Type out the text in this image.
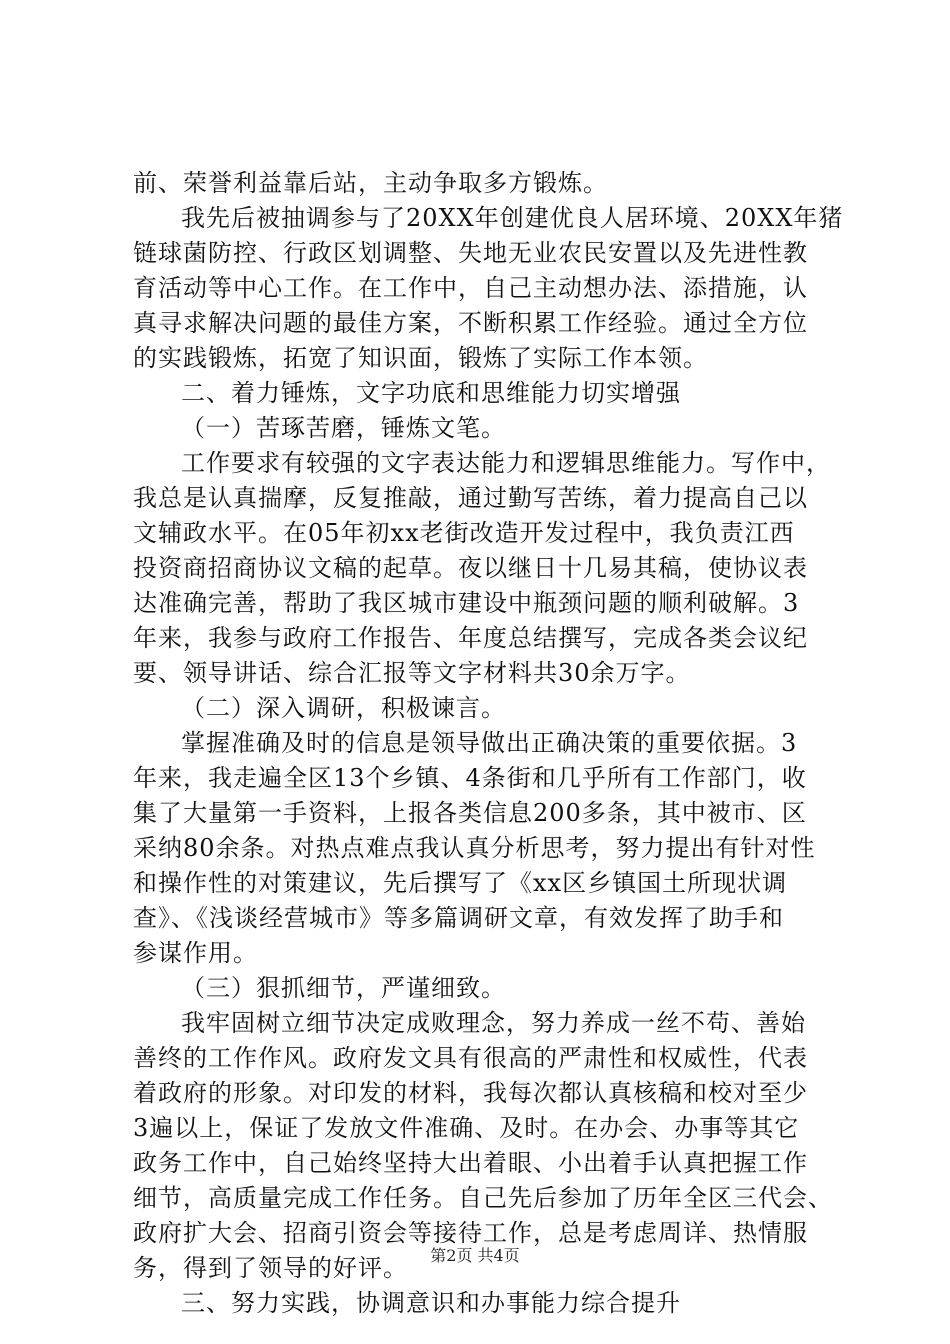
前、荣誉利益靠后站，主动争取多方锻炼。
我先后被抽调参与了20XX年创建优良人居环境、20XX年猪
链球菌防控、行政区划调整、失地无业农民安置以及先进性教
育活动等中心工作。在工作中，自己主动想办法、添措施，认
真寻求解决问题的最佳方案，不断积累工作经验。通过全方位
的实践锻炼，拓宽了知识面，锻炼了实际工作本领。
二、着力锤炼，文字功底和思维能力切实增强
（一）苦琢苦磨，锤炼文笔。
工作要求有较强的文字表达能力和逻辑思维能力。写作中，
我总是认真揣摩，反复推敲，通过勤写苦练，着力提高自己以
文辅政水平。在05年初xx老街改造开发过程中，我负责江西
投资商招商协议文稿的起草。夜以继日十几易其稿，使协议表
达准确完善，帮助了我区城市建设中瓶颈问题的顺利破解。3
年来，我参与政府工作报告、年度总结撰写，完成各类会议纪
要、领导讲话、综合汇报等文字材料共30余万字。
（二）深入调研，积极谏言。
掌握准确及时的信息是领导做出正确决策的重要依据。3
年来，我走遍全区13个乡镇、4条街和几乎所有工作部门，收
集了大量第一手资料，上报各类信息200多条，其中被市、区
采纳80余条。对热点难点我认真分析思考，努力提出有针对性
和操作性的对策建议，先后撰写了《xx区乡镇国土所现状调
查》、《浅谈经营城市》等多篇调研文章，有效发挥了助手和
参谋作用。
（三）狠抓细节，严谨细致。
我牢固树立细节决定成败理念，努力养成一丝不苟、善始
善终的工作作风。政府发文具有很高的严肃性和权威性，代表
着政府的形象。对印发的材料，我每次都认真核稿和校对至少
3遍以上，保证了发放文件准确、及时。在办会、办事等其它
政务工作中，自己始终坚持大出着眼、小出着手认真把握工作
细节，高质量完成工作任务。自己先后参加了历年全区三代会、
政府扩大会、招商引资会等接待工作，总是考虑周详、热情服
务，得到了领导的好评。
三、努力实践，协调意识和办事能力综合提升
第2页 共4页
